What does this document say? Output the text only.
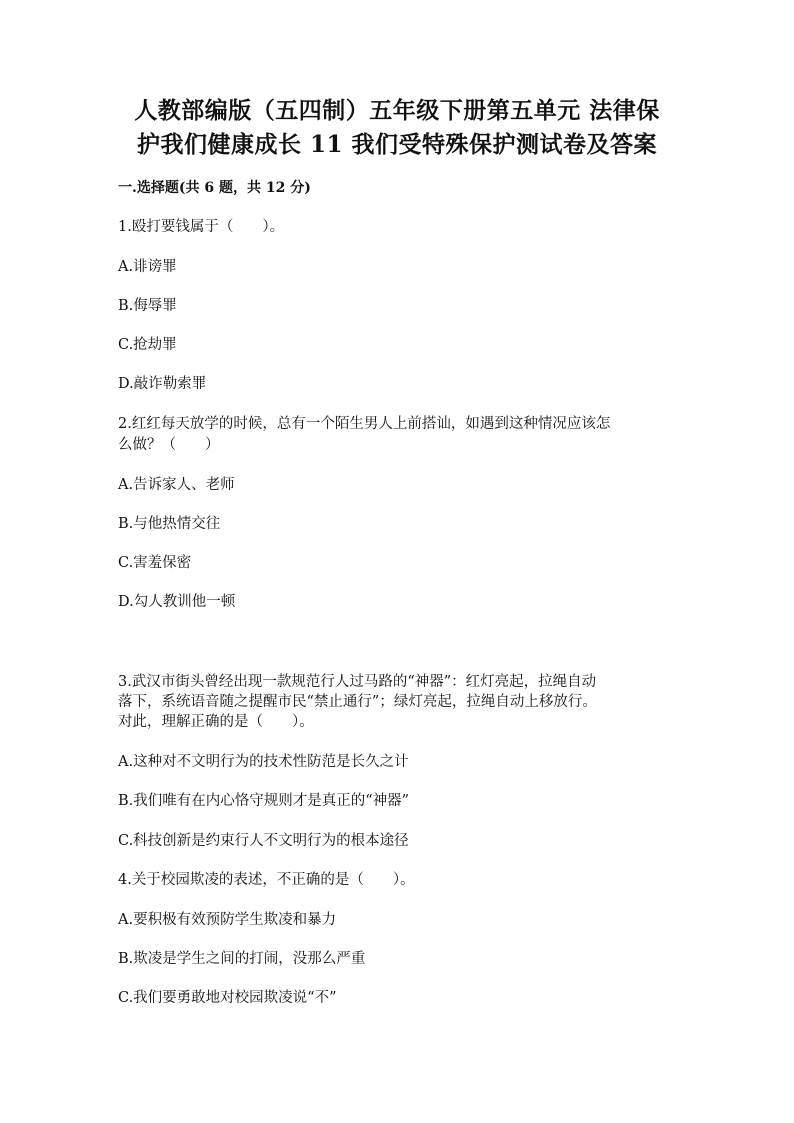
人教部编版（五四制）五年级下册第五单元 法律保
护我们健康成长 11 我们受特殊保护测试卷及答案
一.选择题(共 6 题，共 12 分)
1.殴打要钱属于（　　）。
A.诽谤罪
B.侮辱罪
C.抢劫罪
D.敲诈勒索罪
2.红红每天放学的时候，总有一个陌生男人上前搭讪，如遇到这种情况应该怎
么做？（　　）
A.告诉家人、老师
B.与他热情交往
C.害羞保密
D.勾人教训他一顿
3.武汉市街头曾经出现一款规范行人过马路的“神器”：红灯亮起，拉绳自动
落下，系统语音随之提醒市民“禁止通行”；绿灯亮起，拉绳自动上移放行。
对此，理解正确的是（　　）。
A.这种对不文明行为的技术性防范是长久之计
B.我们唯有在内心恪守规则才是真正的“神器”
C.科技创新是约束行人不文明行为的根本途径
4.关于校园欺凌的表述，不正确的是（　　）。
A.要积极有效预防学生欺凌和暴力
B.欺凌是学生之间的打闹，没那么严重
C.我们要勇敢地对校园欺凌说“不”
